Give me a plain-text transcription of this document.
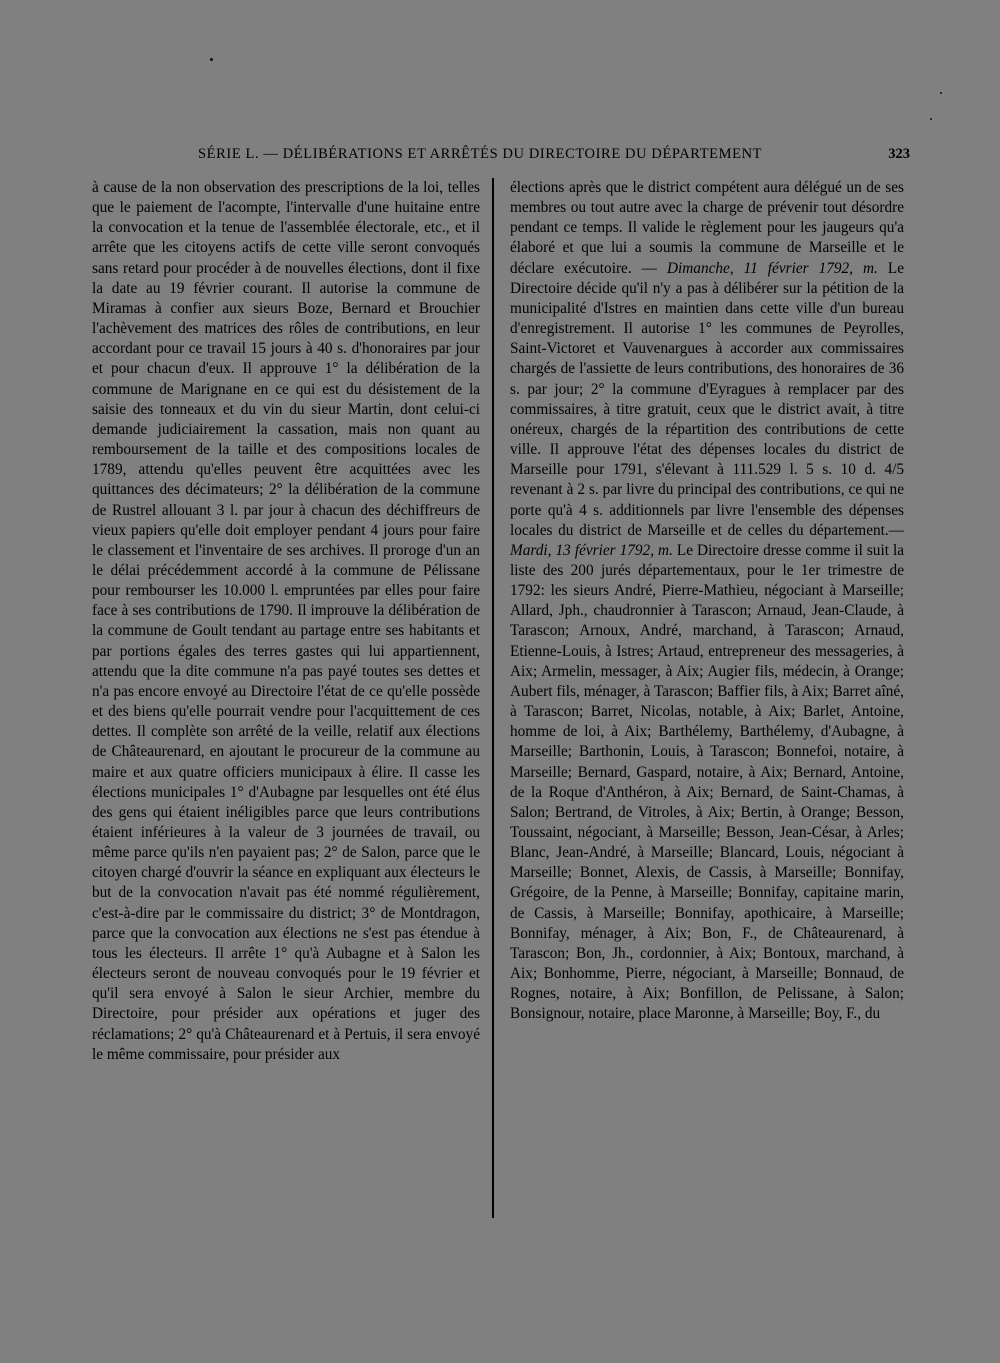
SÉRIE L. — DÉLIBÉRATIONS ET ARRÊTÉS DU DIRECTOIRE DU DÉPARTEMENT	323

à cause de la non observation des prescriptions de la loi, telles que le paiement de l'acompte, l'intervalle d'une huitaine entre la convocation et la tenue de l'assemblée électorale, etc., et il arrête que les citoyens actifs de cette ville seront convoqués sans retard pour procéder à de nouvelles élections, dont il fixe la date au 19 février courant. Il autorise la commune de Miramas à confier aux sieurs Boze, Bernard et Brouchier l'achèvement des matrices des rôles de contributions, en leur accordant pour ce travail 15 jours à 40 s. d'honoraires par jour et pour chacun d'eux. Il approuve 1° la délibération de la commune de Marignane en ce qui est du désistement de la saisie des tonneaux et du vin du sieur Martin, dont celui-ci demande judiciairement la cassation, mais non quant au remboursement de la taille et des compositions locales de 1789, attendu qu'elles peuvent être acquittées avec les quittances des décimateurs; 2° la délibération de la commune de Rustrel allouant 3 l. par jour à chacun des déchiffreurs de vieux papiers qu'elle doit employer pendant 4 jours pour faire le classement et l'inventaire de ses archives. Il proroge d'un an le délai précédemment accordé à la commune de Pélissane pour rembourser les 10.000 l. empruntées par elles pour faire face à ses contributions de 1790. Il improuve la délibération de la commune de Goult tendant au partage entre ses habitants et par portions égales des terres gastes qui lui appartiennent, attendu que la dite commune n'a pas payé toutes ses dettes et n'a pas encore envoyé au Directoire l'état de ce qu'elle possède et des biens qu'elle pourrait vendre pour l'acquittement de ces dettes. Il complète son arrêté de la veille, relatif aux élections de Châteaurenard, en ajoutant le procureur de la commune au maire et aux quatre officiers municipaux à élire. Il casse les élections municipales 1° d'Aubagne par lesquelles ont été élus des gens qui étaient inéligibles parce que leurs contributions étaient inférieures à la valeur de 3 journées de travail, ou même parce qu'ils n'en payaient pas; 2° de Salon, parce que le citoyen chargé d'ouvrir la séance en expliquant aux électeurs le but de la convocation n'avait pas été nommé régulièrement, c'est-à-dire par le commissaire du district; 3° de Montdragon, parce que la convocation aux élections ne s'est pas étendue à tous les électeurs. Il arrête 1° qu'à Aubagne et à Salon les électeurs seront de nouveau convoqués pour le 19 février et qu'il sera envoyé à Salon le sieur Archier, membre du Directoire, pour présider aux opérations et juger des réclamations; 2° qu'à Châteaurenard et à Pertuis, il sera envoyé le même commissaire, pour présider aux

élections après que le district compétent aura délégué un de ses membres ou tout autre avec la charge de prévenir tout désordre pendant ce temps. Il valide le règlement pour les jaugeurs qu'a élaboré et que lui a soumis la commune de Marseille et le déclare exécutoire. — Dimanche, 11 février 1792, m. Le Directoire décide qu'il n'y a pas à délibérer sur la pétition de la municipalité d'Istres en maintien dans cette ville d'un bureau d'enregistrement. Il autorise 1° les communes de Peyrolles, Saint-Victoret et Vauvenargues à accorder aux commissaires chargés de l'assiette de leurs contributions, des honoraires de 36 s. par jour; 2° la commune d'Eyragues à remplacer par des commissaires, à titre gratuit, ceux que le district avait, à titre onéreux, chargés de la répartition des contributions de cette ville. Il approuve l'état des dépenses locales du district de Marseille pour 1791, s'élevant à 111.529 l. 5 s. 10 d. 4/5 revenant à 2 s. par livre du principal des contributions, ce qui ne porte qu'à 4 s. additionnels par livre l'ensemble des dépenses locales du district de Marseille et de celles du département.— Mardi, 13 février 1792, m. Le Directoire dresse comme il suit la liste des 200 jurés départementaux, pour le 1er trimestre de 1792: les sieurs André, Pierre-Mathieu, négociant à Marseille; Allard, Jph., chaudronnier à Tarascon; Arnaud, Jean-Claude, à Tarascon; Arnoux, André, marchand, à Tarascon; Arnaud, Etienne-Louis, à Istres; Artaud, entrepreneur des messageries, à Aix; Armelin, messager, à Aix; Augier fils, médecin, à Orange; Aubert fils, ménager, à Tarascon; Baffier fils, à Aix; Barret aîné, à Tarascon; Barret, Nicolas, notable, à Aix; Barlet, Antoine, homme de loi, à Aix; Barthélemy, Barthélemy, d'Aubagne, à Marseille; Barthonin, Louis, à Tarascon; Bonnefoi, notaire, à Marseille; Bernard, Gaspard, notaire, à Aix; Bernard, Antoine, de la Roque d'Anthéron, à Aix; Bernard, de Saint-Chamas, à Salon; Bertrand, de Vitroles, à Aix; Bertin, à Orange; Besson, Toussaint, négociant, à Marseille; Besson, Jean-César, à Arles; Blanc, Jean-André, à Marseille; Blancard, Louis, négociant à Marseille; Bonnet, Alexis, de Cassis, à Marseille; Bonnifay, Grégoire, de la Penne, à Marseille; Bonnifay, capitaine marin, de Cassis, à Marseille; Bonnifay, apothicaire, à Marseille; Bonnifay, ménager, à Aix; Bon, F., de Châteaurenard, à Tarascon; Bon, Jh., cordonnier, à Aix; Bontoux, marchand, à Aix; Bonhomme, Pierre, négociant, à Marseille; Bonnaud, de Rognes, notaire, à Aix; Bonfillon, de Pelissane, à Salon; Bonsignour, notaire, place Maronne, à Marseille; Boy, F., du
